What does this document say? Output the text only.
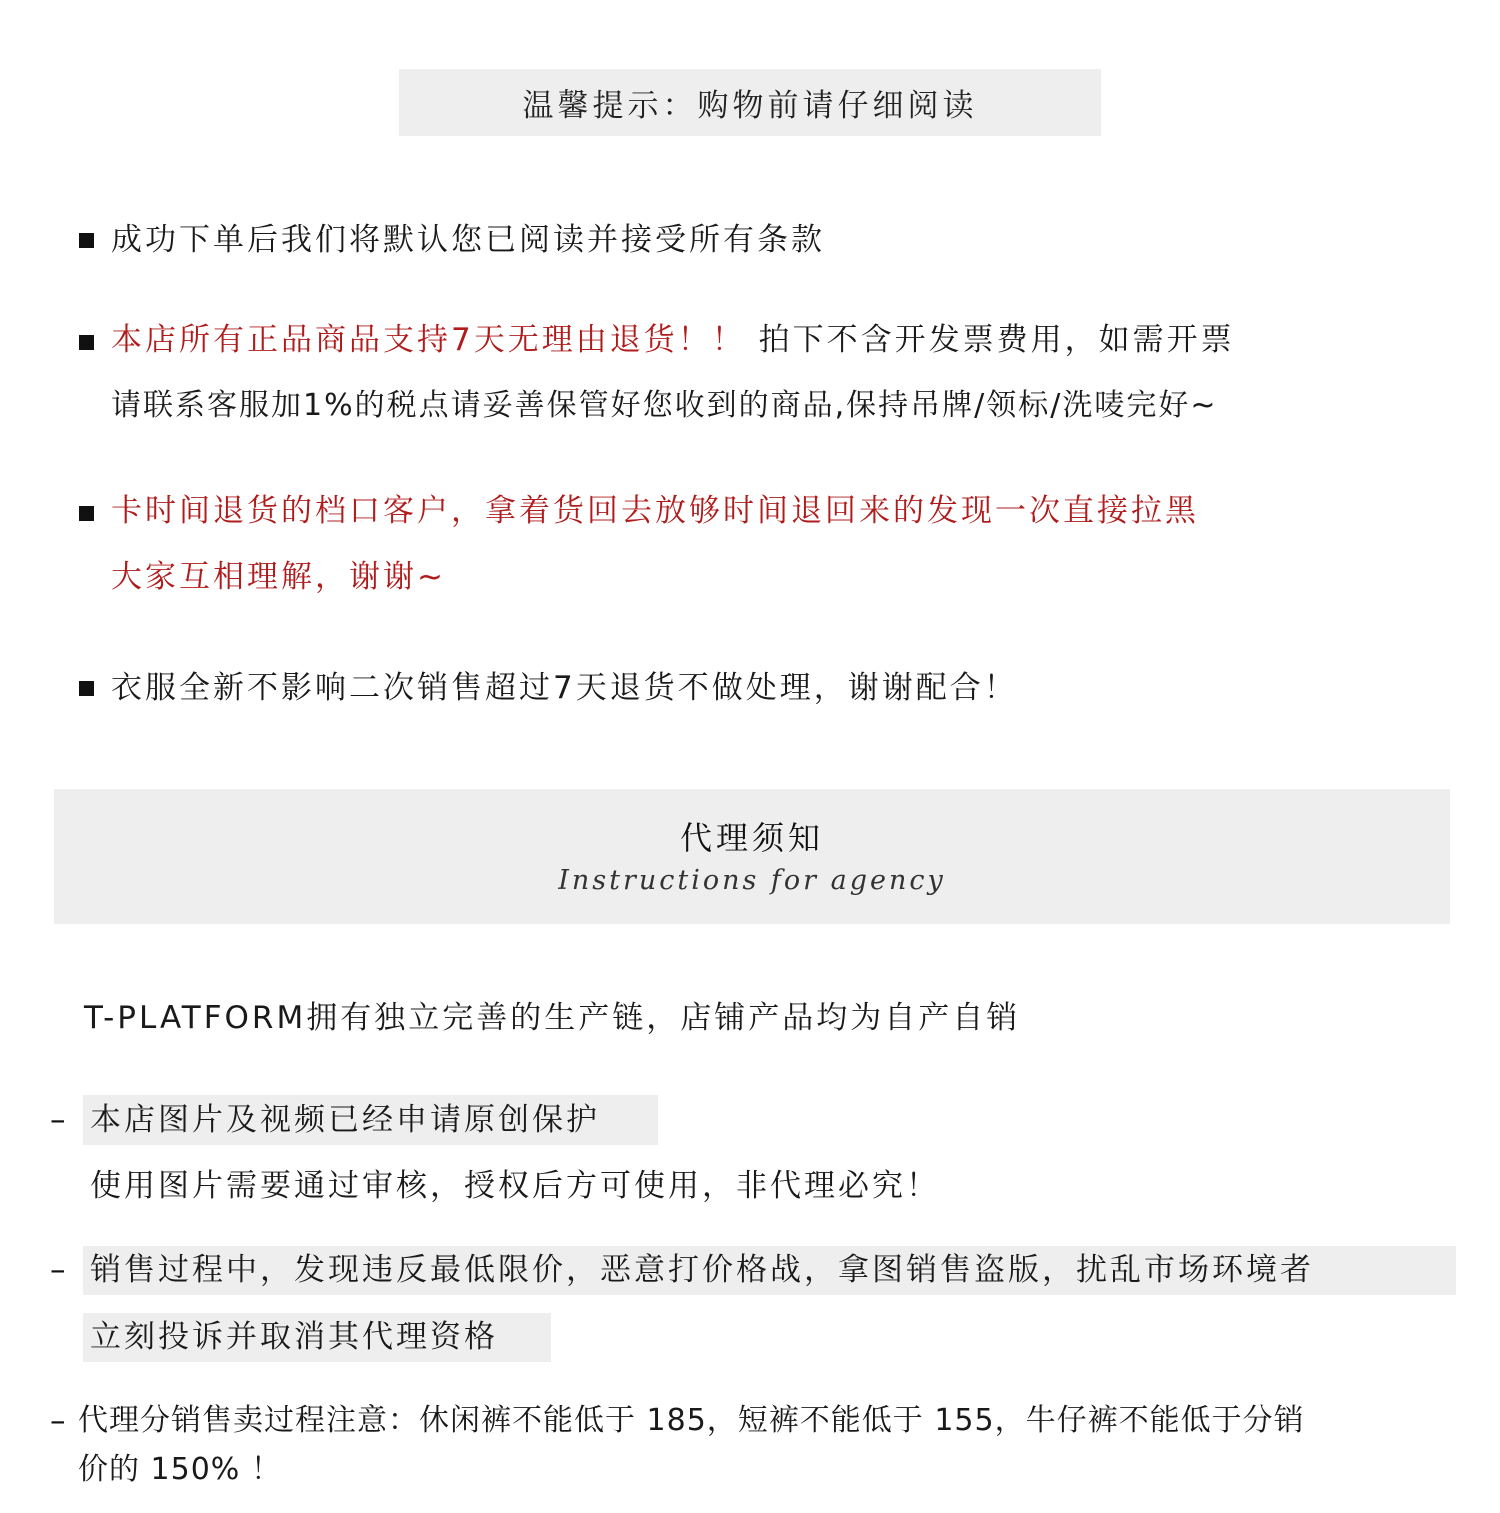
温馨提示：购物前请仔细阅读
成功下单后我们将默认您已阅读并接受所有条款
本店所有正品商品支持7天无理由退货！！ 拍下不含开发票费用，如需开票
请联系客服加1%的税点请妥善保管好您收到的商品,保持吊牌/领标/洗唛完好~
卡时间退货的档口客户，拿着货回去放够时间退回来的发现一次直接拉黑
大家互相理解，谢谢~
衣服全新不影响二次销售超过7天退货不做处理，谢谢配合！
代理须知
Instructions for agency
T-PLATFORM拥有独立完善的生产链，店铺产品均为自产自销
– 本店图片及视频已经申请原创保护
使用图片需要通过审核，授权后方可使用，非代理必究！
– 销售过程中，发现违反最低限价，恶意打价格战，拿图销售盗版，扰乱市场环境者
立刻投诉并取消其代理资格
– 代理分销售卖过程注意：休闲裤不能低于 185，短裤不能低于 155，牛仔裤不能低于分销
价的 150% ！
